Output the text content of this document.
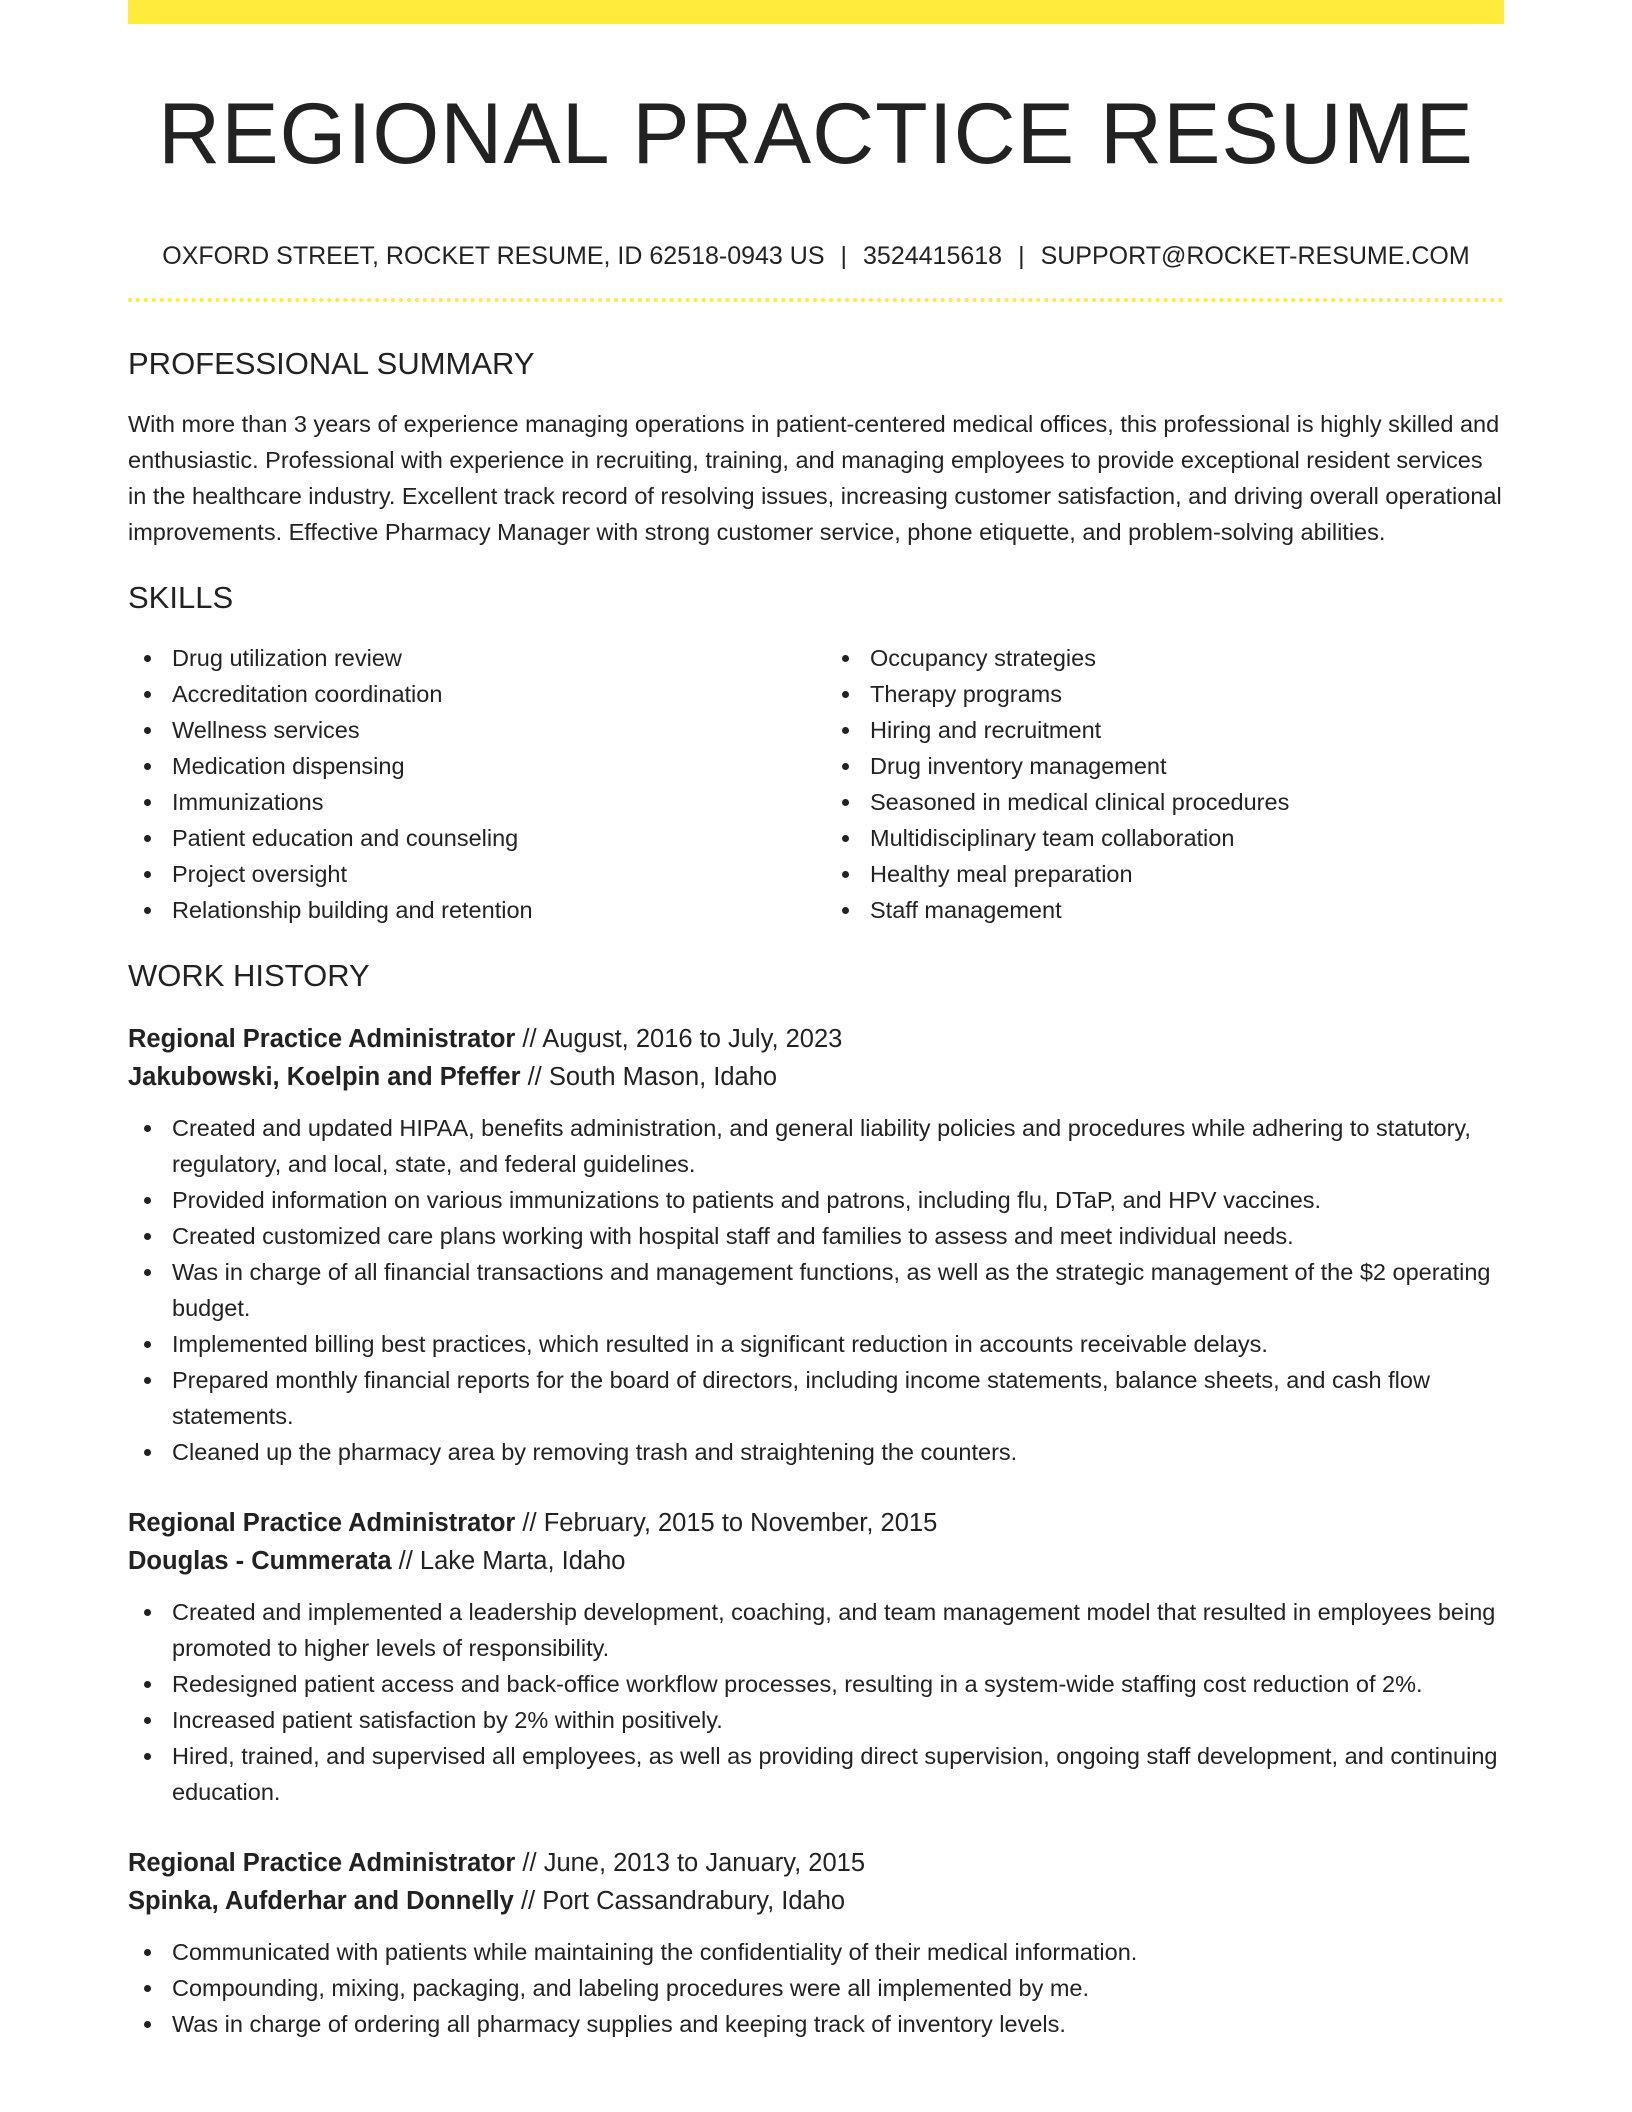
REGIONAL PRACTICE RESUME
OXFORD STREET, ROCKET RESUME, ID 62518-0943 US | 3524415618 | SUPPORT@ROCKET-RESUME.COM
PROFESSIONAL SUMMARY

With more than 3 years of experience managing operations in patient-centered medical offices, this professional is highly skilled and enthusiastic. Professional with experience in recruiting, training, and managing employees to provide exceptional resident services in the healthcare industry. Excellent track record of resolving issues, increasing customer satisfaction, and driving overall operational improvements. Effective Pharmacy Manager with strong customer service, phone etiquette, and problem-solving abilities.

SKILLS
Drug utilization review	Occupancy strategies
Accreditation coordination	Therapy programs
Wellness services	Hiring and recruitment
Medication dispensing	Drug inventory management
Immunizations	Seasoned in medical clinical procedures
Patient education and counseling	Multidisciplinary team collaboration
Project oversight	Healthy meal preparation
Relationship building and retention	Staff management
WORK HISTORY
Regional Practice Administrator // August, 2016 to July, 2023
Jakubowski, Koelpin and Pfeffer // South Mason, Idaho
Created and updated HIPAA, benefits administration, and general liability policies and procedures while adhering to statutory, regulatory, and local, state, and federal guidelines.
Provided information on various immunizations to patients and patrons, including flu, DTaP, and HPV vaccines.
Created customized care plans working with hospital staff and families to assess and meet individual needs.
Was in charge of all financial transactions and management functions, as well as the strategic management of the $2 operating budget.
Implemented billing best practices, which resulted in a significant reduction in accounts receivable delays.
Prepared monthly financial reports for the board of directors, including income statements, balance sheets, and cash flow statements.
Cleaned up the pharmacy area by removing trash and straightening the counters.
Regional Practice Administrator // February, 2015 to November, 2015
Douglas - Cummerata // Lake Marta, Idaho
Created and implemented a leadership development, coaching, and team management model that resulted in employees being promoted to higher levels of responsibility.
Redesigned patient access and back-office workflow processes, resulting in a system-wide staffing cost reduction of 2%.
Increased patient satisfaction by 2% within positively.
Hired, trained, and supervised all employees, as well as providing direct supervision, ongoing staff development, and continuing education.
Regional Practice Administrator // June, 2013 to January, 2015
Spinka, Aufderhar and Donnelly // Port Cassandrabury, Idaho
Communicated with patients while maintaining the confidentiality of their medical information.
Compounding, mixing, packaging, and labeling procedures were all implemented by me.
Was in charge of ordering all pharmacy supplies and keeping track of inventory levels.
